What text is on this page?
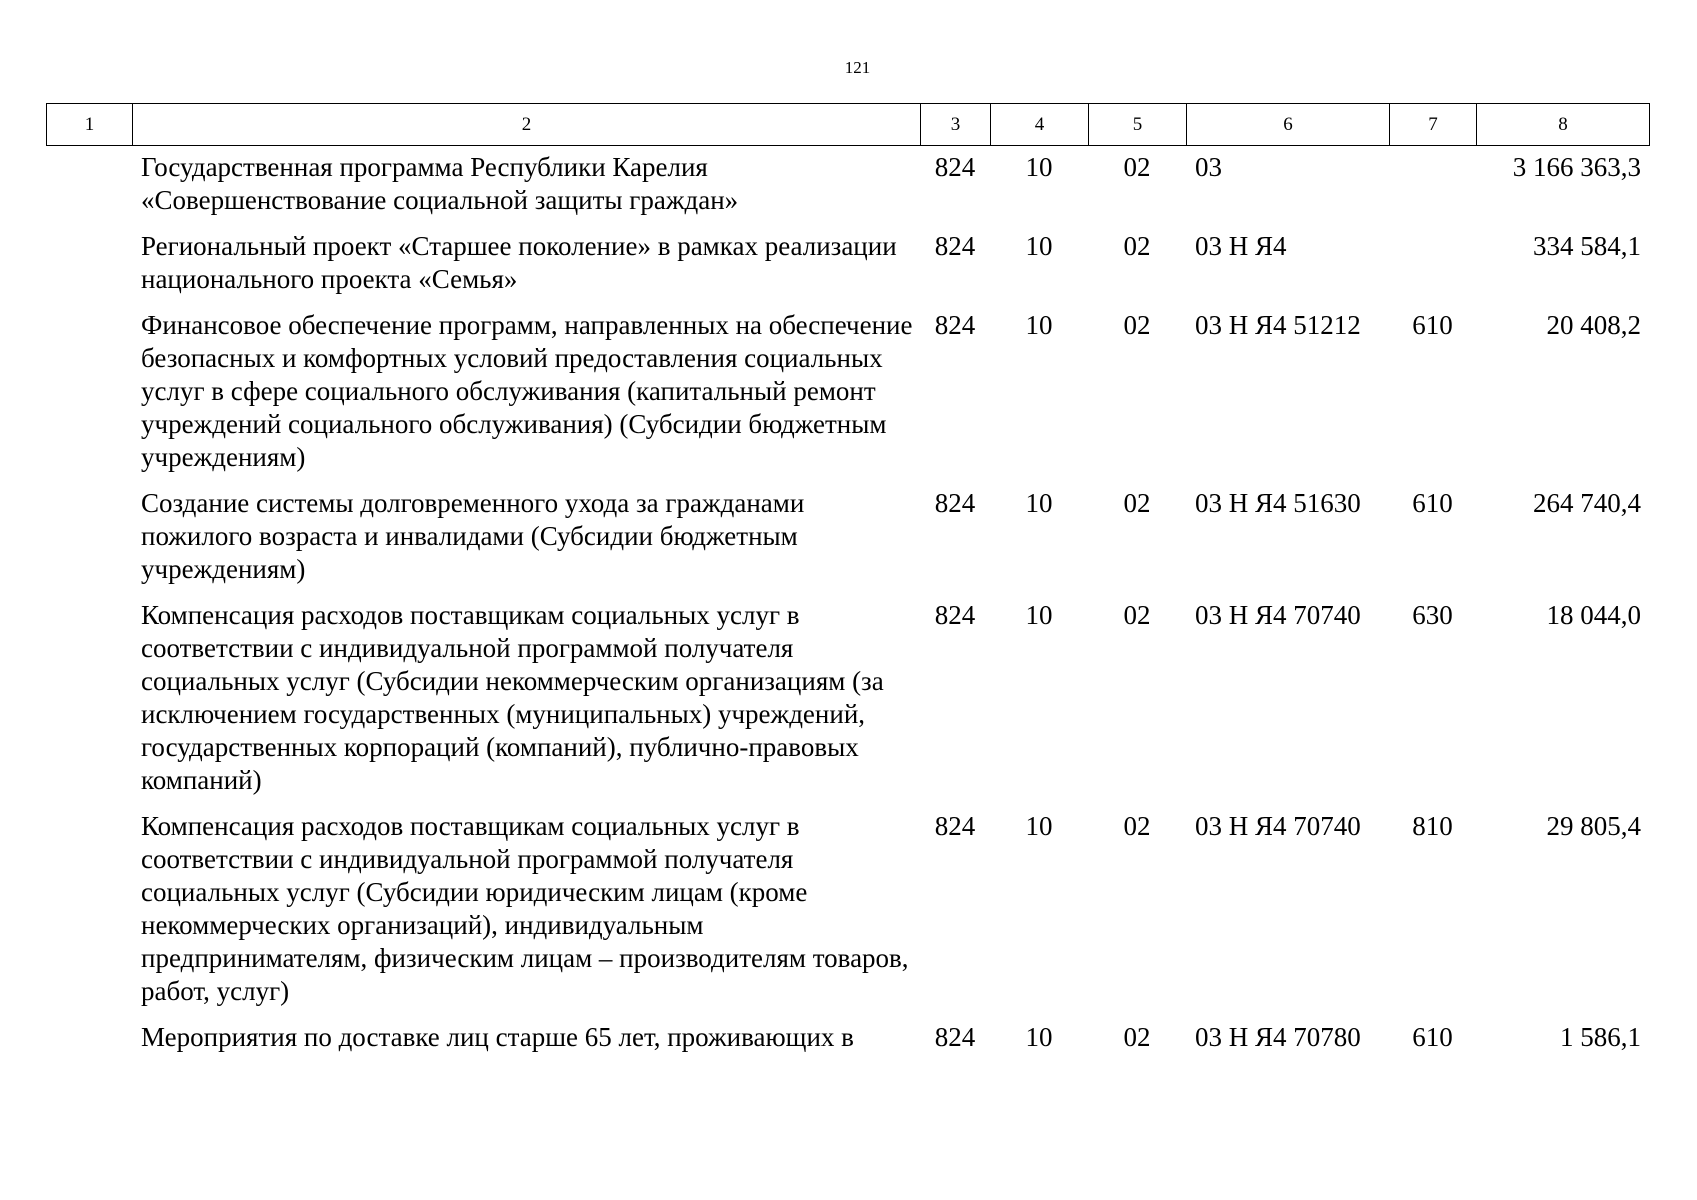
121
1	2	3	4	5	6	7	8
	Государственная программа Республики Карелия «Совершенствование социальной защиты граждан»	824	10	02	03		3 166 363,3
	Региональный проект «Старшее поколение» в рамках реализации национального проекта «Семья»	824	10	02	03 Н Я4		334 584,1
	Финансовое обеспечение программ, направленных на обеспечение безопасных и комфортных условий предоставления социальных услуг в сфере социального обслуживания (капитальный ремонт учреждений социального обслуживания) (Субсидии бюджетным учреждениям)	824	10	02	03 Н Я4 51212	610	20 408,2
	Создание системы долговременного ухода за гражданами пожилого возраста и инвалидами (Субсидии бюджетным учреждениям)	824	10	02	03 Н Я4 51630	610	264 740,4
	Компенсация расходов поставщикам социальных услуг в соответствии с индивидуальной программой получателя социальных услуг (Субсидии некоммерческим организациям (за исключением государственных (муниципальных) учреждений, государственных корпораций (компаний), публично-правовых компаний)	824	10	02	03 Н Я4 70740	630	18 044,0
	Компенсация расходов поставщикам социальных услуг в соответствии с индивидуальной программой получателя социальных услуг (Субсидии юридическим лицам (кроме некоммерческих организаций), индивидуальным предпринимателям, физическим лицам – производителям товаров, работ, услуг)	824	10	02	03 Н Я4 70740	810	29 805,4
	Мероприятия по доставке лиц старше 65 лет, проживающих в	824	10	02	03 Н Я4 70780	610	1 586,1
